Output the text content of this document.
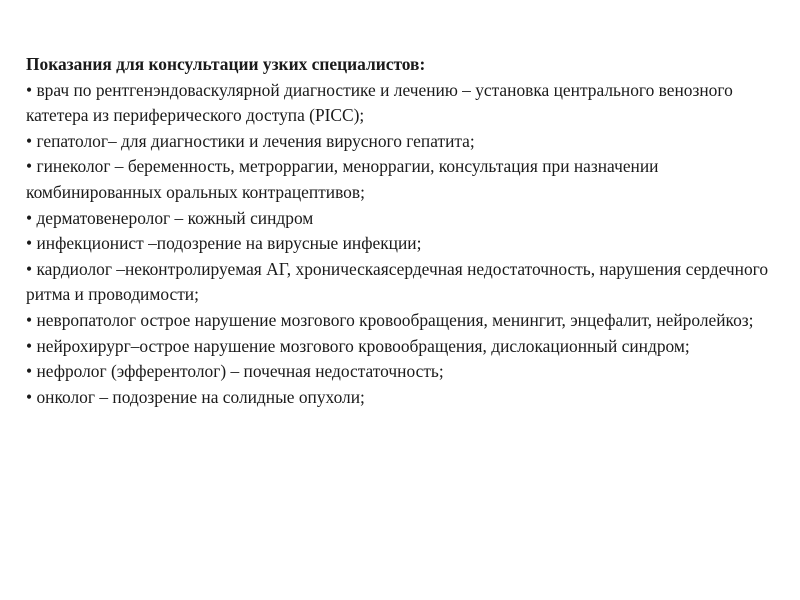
Показания для консультации узких специалистов:

• врач по рентгенэндоваскулярной диагностике и лечению – установка центрального венозного катетера из периферического доступа (PICC);
• гепатолог– для диагностики и лечения вирусного гепатита;
• гинеколог – беременность, метроррагии, меноррагии, консультация при назначении комбинированных оральных контрацептивов;
• дерматовенеролог – кожный синдром
• инфекционист –подозрение на вирусные инфекции;
• кардиолог –неконтролируемая АГ, хроническаясердечная недостаточность, нарушения сердечного ритма и проводимости;
• невропатолог острое нарушение мозгового кровообращения, менингит, энцефалит, нейролейкоз;
• нейрохирург–острое нарушение мозгового кровообращения, дислокационный синдром;
• нефролог (эфферентолог) – почечная недостаточность;
• онколог – подозрение на солидные опухоли;
